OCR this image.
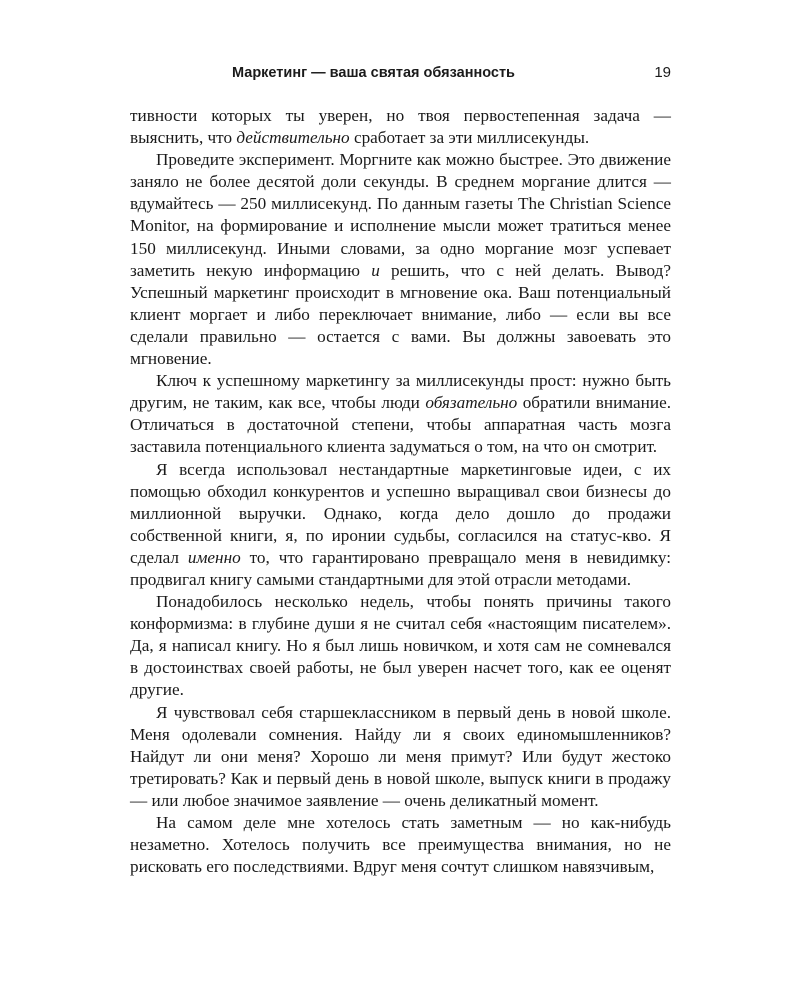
Маркетинг — ваша святая обязанность	19

тивности которых ты уверен, но твоя первостепенная задача — выяснить, что действительно сработает за эти миллисекунды.

Проведите эксперимент. Моргните как можно быстрее. Это движение заняло не более десятой доли секунды. В среднем моргание длится — вдумайтесь — 250 миллисекунд. По данным газеты The Christian Science Monitor, на формирование и исполнение мысли может тратиться менее 150 миллисекунд. Иными словами, за одно моргание мозг успевает заметить некую информацию и решить, что с ней делать. Вывод? Успешный маркетинг происходит в мгновение ока. Ваш потенциальный клиент моргает и либо переключает внимание, либо — если вы все сделали правильно — остается с вами. Вы должны завоевать это мгновение.

Ключ к успешному маркетингу за миллисекунды прост: нужно быть другим, не таким, как все, чтобы люди обязательно обратили внимание. Отличаться в достаточной степени, чтобы аппаратная часть мозга заставила потенциального клиента задуматься о том, на что он смотрит.

Я всегда использовал нестандартные маркетинговые идеи, с их помощью обходил конкурентов и успешно выращивал свои бизнесы до миллионной выручки. Однако, когда дело дошло до продажи собственной книги, я, по иронии судьбы, согласился на статус-кво. Я сделал именно то, что гарантировано превращало меня в невидимку: продвигал книгу самыми стандартными для этой отрасли методами.

Понадобилось несколько недель, чтобы понять причины такого конформизма: в глубине души я не считал себя «настоящим писателем». Да, я написал книгу. Но я был лишь новичком, и хотя сам не сомневался в достоинствах своей работы, не был уверен насчет того, как ее оценят другие.

Я чувствовал себя старшеклассником в первый день в новой школе. Меня одолевали сомнения. Найду ли я своих единомышленников? Найдут ли они меня? Хорошо ли меня примут? Или будут жестоко третировать? Как и первый день в новой школе, выпуск книги в продажу — или любое значимое заявление — очень деликатный момент.

На самом деле мне хотелось стать заметным — но как-нибудь незаметно. Хотелось получить все преимущества внимания, но не рисковать его последствиями. Вдруг меня сочтут слишком навязчивым,
